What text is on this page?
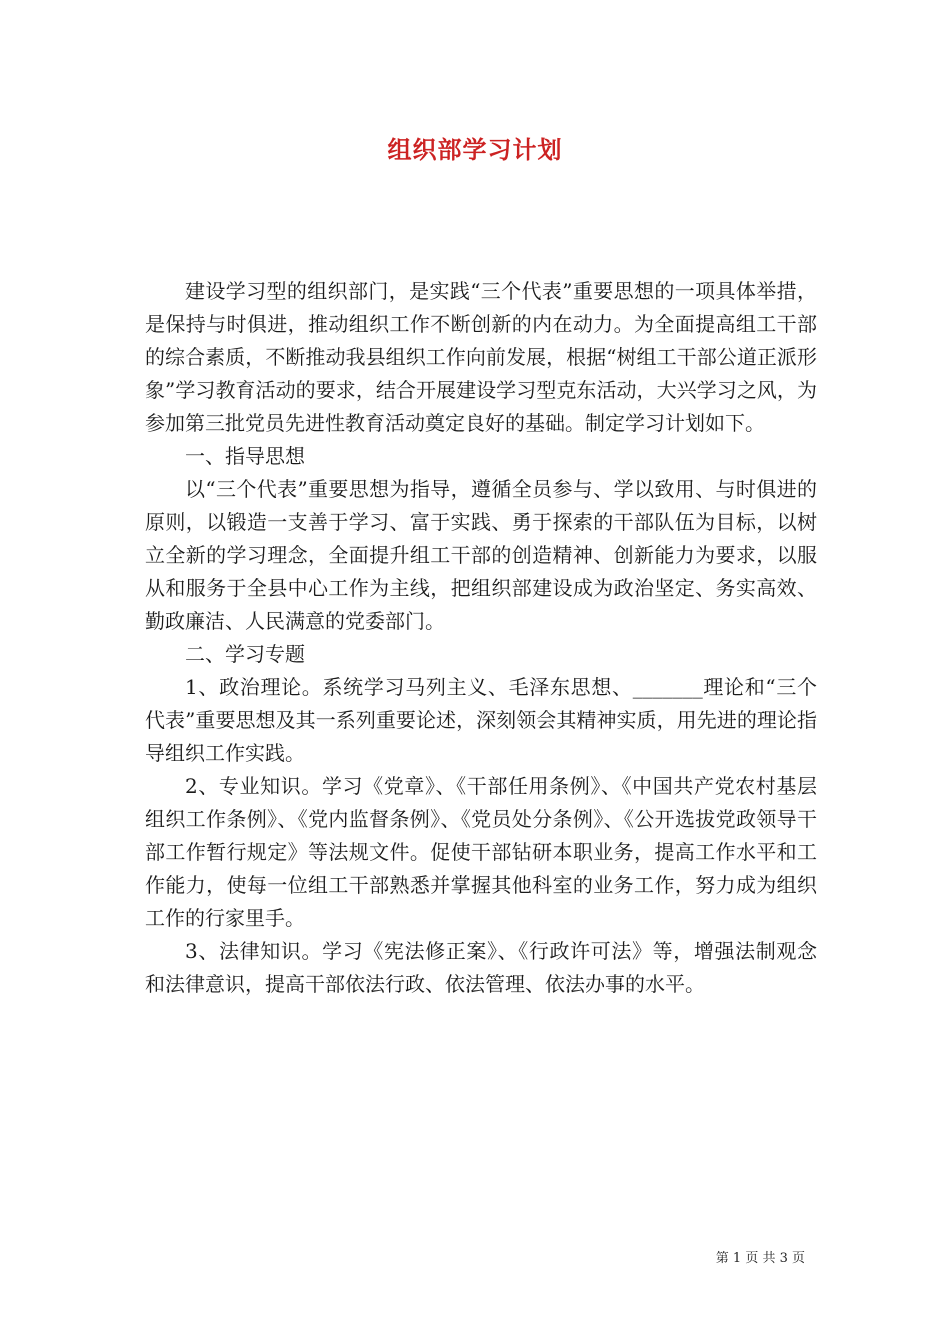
组织部学习计划

建设学习型的组织部门，是实践“三个代表”重要思想的一项具体举措，是保持与时俱进，推动组织工作不断创新的内在动力。为全面提高组工干部的综合素质，不断推动我县组织工作向前发展，根据“树组工干部公道正派形象”学习教育活动的要求，结合开展建设学习型克东活动，大兴学习之风，为参加第三批党员先进性教育活动奠定良好的基础。制定学习计划如下。

一、指导思想

以“三个代表”重要思想为指导，遵循全员参与、学以致用、与时俱进的原则，以锻造一支善于学习、富于实践、勇于探索的干部队伍为目标，以树立全新的学习理念，全面提升组工干部的创造精神、创新能力为要求，以服从和服务于全县中心工作为主线，把组织部建设成为政治坚定、务实高效、勤政廉洁、人民满意的党委部门。

二、学习专题

1、政治理论。系统学习马列主义、毛泽东思想、_______理论和“三个代表”重要思想及其一系列重要论述，深刻领会其精神实质，用先进的理论指导组织工作实践。

2、专业知识。学习《党章》、《干部任用条例》、《中国共产党农村基层组织工作条例》、《党内监督条例》、《党员处分条例》、《公开选拔党政领导干部工作暂行规定》等法规文件。促使干部钻研本职业务，提高工作水平和工作能力，使每一位组工干部熟悉并掌握其他科室的业务工作，努力成为组织工作的行家里手。

3、法律知识。学习《宪法修正案》、《行政许可法》等，增强法制观念和法律意识，提高干部依法行政、依法管理、依法办事的水平。

第 1 页 共 3 页
